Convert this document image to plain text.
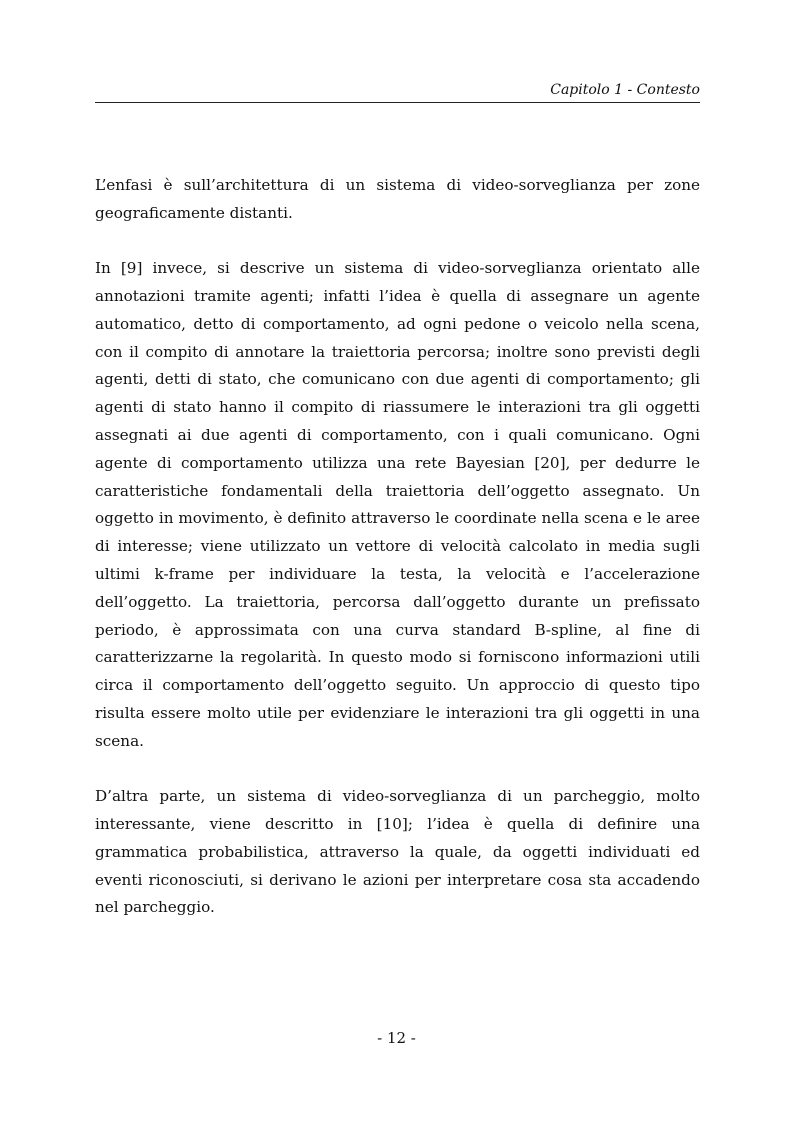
Capitolo 1 - Contesto

L’enfasi è sull’architettura di un sistema di video-sorveglianza per zone geograficamente distanti.

In [9] invece, si descrive un sistema di video-sorveglianza orientato alle annotazioni tramite agenti; infatti l’idea è quella di assegnare un agente automatico, detto di comportamento, ad ogni pedone o veicolo nella scena, con il compito di annotare la traiettoria percorsa; inoltre sono previsti degli agenti, detti di stato, che comunicano con due agenti di comportamento; gli agenti di stato hanno il compito di riassumere le interazioni tra gli oggetti assegnati ai due agenti di comportamento, con i quali comunicano. Ogni agente di comportamento utilizza una rete Bayesian [20], per dedurre le caratteristiche fondamentali della traiettoria dell’oggetto assegnato. Un oggetto in movimento, è definito attraverso le coordinate nella scena e le aree di interesse; viene utilizzato un vettore di velocità calcolato in media sugli ultimi k-frame per individuare la testa, la velocità e l’accelerazione dell’oggetto. La traiettoria, percorsa dall’oggetto durante un prefissato periodo, è approssimata con una curva standard B-spline, al fine di caratterizzarne la regolarità. In questo modo si forniscono informazioni utili circa il comportamento dell’oggetto seguito. Un approccio di questo tipo risulta essere molto utile per evidenziare le interazioni tra gli oggetti in una scena.

D’altra parte, un sistema di video-sorveglianza di un parcheggio, molto interessante, viene descritto in [10]; l’idea è quella di definire una grammatica probabilistica, attraverso la quale, da oggetti individuati ed eventi riconosciuti, si derivano le azioni per interpretare cosa sta accadendo nel parcheggio.

- 12 -
